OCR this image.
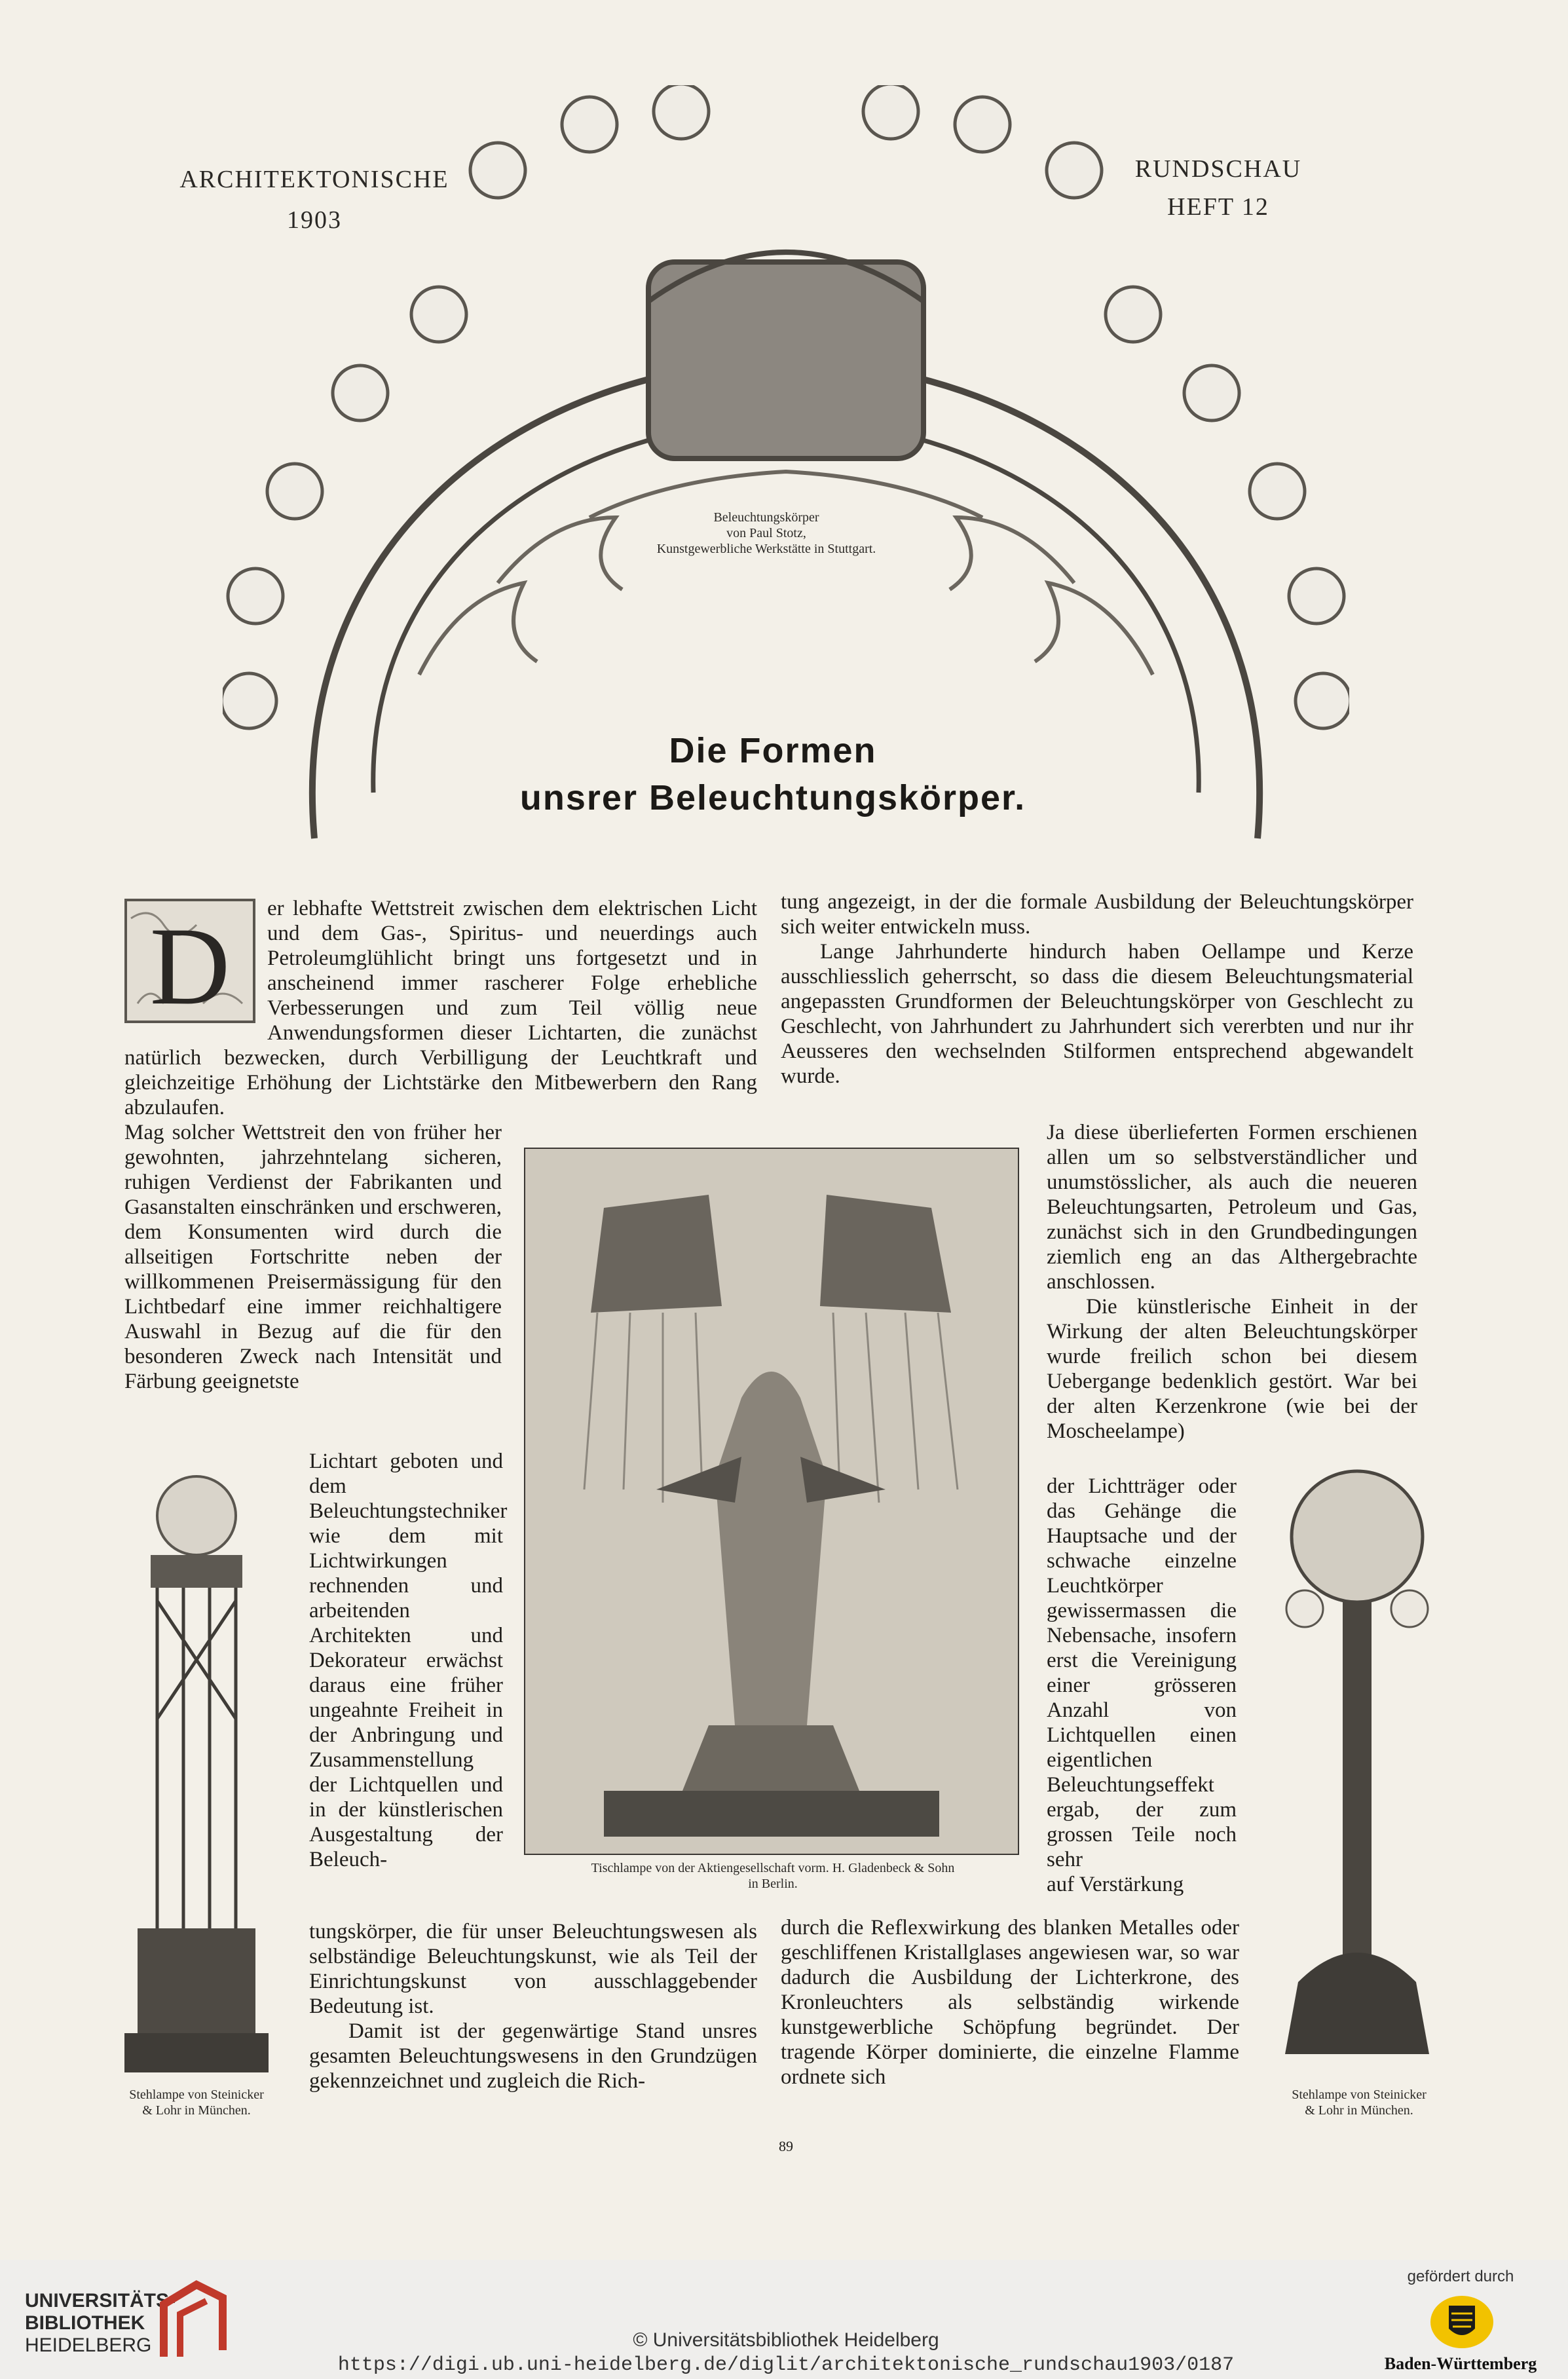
ARCHITEKTONISCHE
1903
RUNDSCHAU
HEFT 12
Beleuchtungskörper
von Paul Stotz,
Kunstgewerbliche Werkstätte in Stuttgart.
Die Formen
unsrer Beleuchtungskörper.
D	er lebhafte Wettstreit zwischen dem elektrischen Licht und dem Gas-, Spiritus- und neuerdings auch Petroleumglühlicht bringt uns fortgesetzt und in anscheinend immer rascherer Folge erhebliche Verbesserungen und zum Teil völlig neue Anwendungsformen dieser Lichtarten, die zunächst natürlich bezwecken, durch Verbilligung der Leuchtkraft und gleichzeitige Erhöhung der Lichtstärke den Mitbewerbern den Rang abzulaufen.

Mag solcher Wettstreit den von früher her gewohnten, jahrzehntelang sicheren, ruhigen Verdienst der Fabrikanten und Gasanstalten einschränken und erschweren, dem Konsumenten wird durch die allseitigen Fortschritte neben der willkommenen Preisermässigung für den Lichtbedarf eine immer reichhaltigere Auswahl in Bezug auf die für den besonderen Zweck nach Intensität und Färbung geeignetste

Lichtart geboten und dem Beleuchtungstechniker wie dem mit Lichtwirkungen rechnenden und arbeitenden Architekten und Dekorateur erwächst daraus eine früher ungeahnte Freiheit in der Anbringung und Zusammenstellung der Lichtquellen und in der künstlerischen Ausgestaltung der Beleuch-

tungskörper, die für unser Beleuchtungswesen als selbständige Beleuchtungskunst, wie als Teil der Einrichtungskunst von ausschlaggebender Bedeutung ist.

Damit ist der gegenwärtige Stand unsres gesamten Beleuchtungswesens in den Grundzügen gekennzeichnet und zugleich die Rich-

tung angezeigt, in der die formale Ausbildung der Beleuchtungskörper sich weiter entwickeln muss.

Lange Jahrhunderte hindurch haben Oellampe und Kerze ausschliesslich geherrscht, so dass die diesem Beleuchtungsmaterial angepassten Grundformen der Beleuchtungskörper von Geschlecht zu Geschlecht, von Jahrhundert zu Jahrhundert sich vererbten und nur ihr Aeusseres den wechselnden Stilformen entsprechend abgewandelt wurde.

Ja diese überlieferten Formen erschienen allen um so selbstverständlicher und unumstösslicher, als auch die neueren Beleuchtungsarten, Petroleum und Gas, zunächst sich in den Grundbedingungen ziemlich eng an das Althergebrachte anschlossen.

Die künstlerische Einheit in der Wirkung der alten Beleuchtungskörper wurde freilich schon bei diesem Uebergange bedenklich gestört. War bei der alten Kerzenkrone (wie bei der Moscheelampe)

der Lichtträger oder das Gehänge die Hauptsache und der schwache einzelne Leuchtkörper gewissermassen die Nebensache, insofern erst die Vereinigung einer grösseren Anzahl von Lichtquellen einen eigentlichen Beleuchtungseffekt ergab, der zum grossen Teile noch sehr

auf Verstärkung

durch die Reflexwirkung des blanken Metalles oder geschliffenen Kristallglases angewiesen war, so war dadurch die Ausbildung der Lichterkrone, des Kronleuchters als selbständig wirkende kunstgewerbliche Schöpfung begründet. Der tragende Körper dominierte, die einzelne Flamme ordnete sich

Tischlampe von der Aktiengesellschaft vorm. H. Gladenbeck & Sohn
in Berlin.
Stehlampe von Steinicker
& Lohr in München.
Stehlampe von Steinicker
& Lohr in München.
89
UNIVERSITÄTS-
BIBLIOTHEK
HEIDELBERG	© Universitätsbibliothek Heidelberg
https://digi.ub.uni-heidelberg.de/diglit/architektonische_rundschau1903/0187
gefördert durch
Baden-Württemberg
